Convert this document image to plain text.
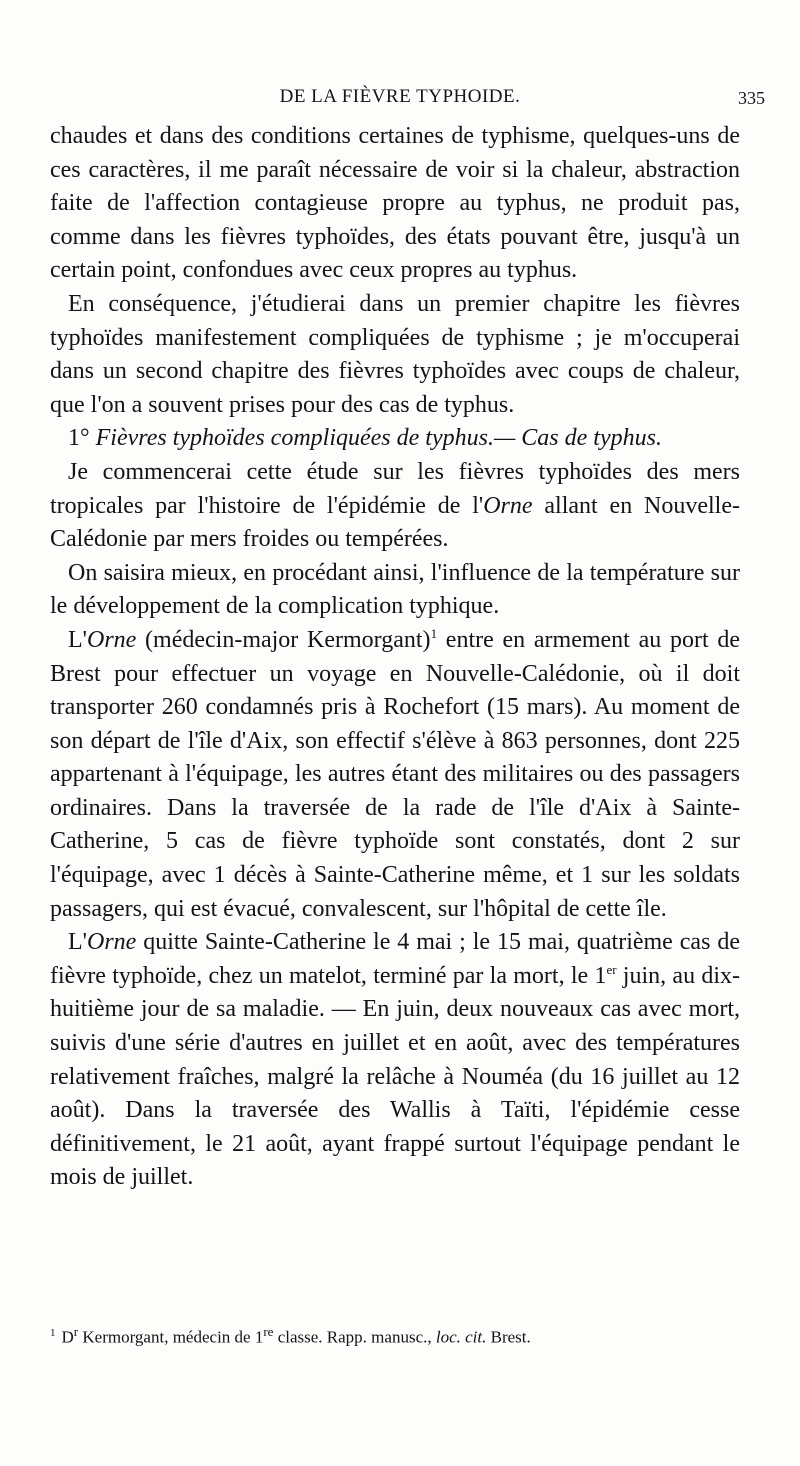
DE LA FIÈVRE TYPHOIDE.	335

chaudes et dans des conditions certaines de typhisme, quelques-uns de ces caractères, il me paraît nécessaire de voir si la chaleur, abstraction faite de l'affection contagieuse propre au typhus, ne produit pas, comme dans les fièvres typhoïdes, des états pouvant être, jusqu'à un certain point, confondues avec ceux propres au typhus.

En conséquence, j'étudierai dans un premier chapitre les fièvres typhoïdes manifestement compliquées de typhisme ; je m'occuperai dans un second chapitre des fièvres typhoïdes avec coups de chaleur, que l'on a souvent prises pour des cas de typhus.

1° Fièvres typhoïdes compliquées de typhus.— Cas de typhus.

Je commencerai cette étude sur les fièvres typhoïdes des mers tropicales par l'histoire de l'épidémie de l'Orne allant en Nouvelle-Calédonie par mers froides ou tempérées.

On saisira mieux, en procédant ainsi, l'influence de la température sur le développement de la complication typhique.

L'Orne (médecin-major Kermorgant)$^1$ entre en armement au port de Brest pour effectuer un voyage en Nouvelle-Calédonie, où il doit transporter 260 condamnés pris à Rochefort (15 mars). Au moment de son départ de l'île d'Aix, son effectif s'élève à 863 personnes, dont 225 appartenant à l'équipage, les autres étant des militaires ou des passagers ordinaires. Dans la traversée de la rade de l'île d'Aix à Sainte-Catherine, 5 cas de fièvre typhoïde sont constatés, dont 2 sur l'équipage, avec 1 décès à Sainte-Catherine même, et 1 sur les soldats passagers, qui est évacué, convalescent, sur l'hôpital de cette île.

L'Orne quitte Sainte-Catherine le 4 mai ; le 15 mai, quatrième cas de fièvre typhoïde, chez un matelot, terminé par la mort, le 1er juin, au dix-huitième jour de sa maladie. — En juin, deux nouveaux cas avec mort, suivis d'une série d'autres en juillet et en août, avec des températures relativement fraîches, malgré la relâche à Nouméa (du 16 juillet au 12 août). Dans la traversée des Wallis à Taïti, l'épidémie cesse définitivement, le 21 août, ayant frappé surtout l'équipage pendant le mois de juillet.

$^1$ $D^r$ Kermorgant, médecin de 1re classe. Rapp. manusc., loc. cit. Brest.
